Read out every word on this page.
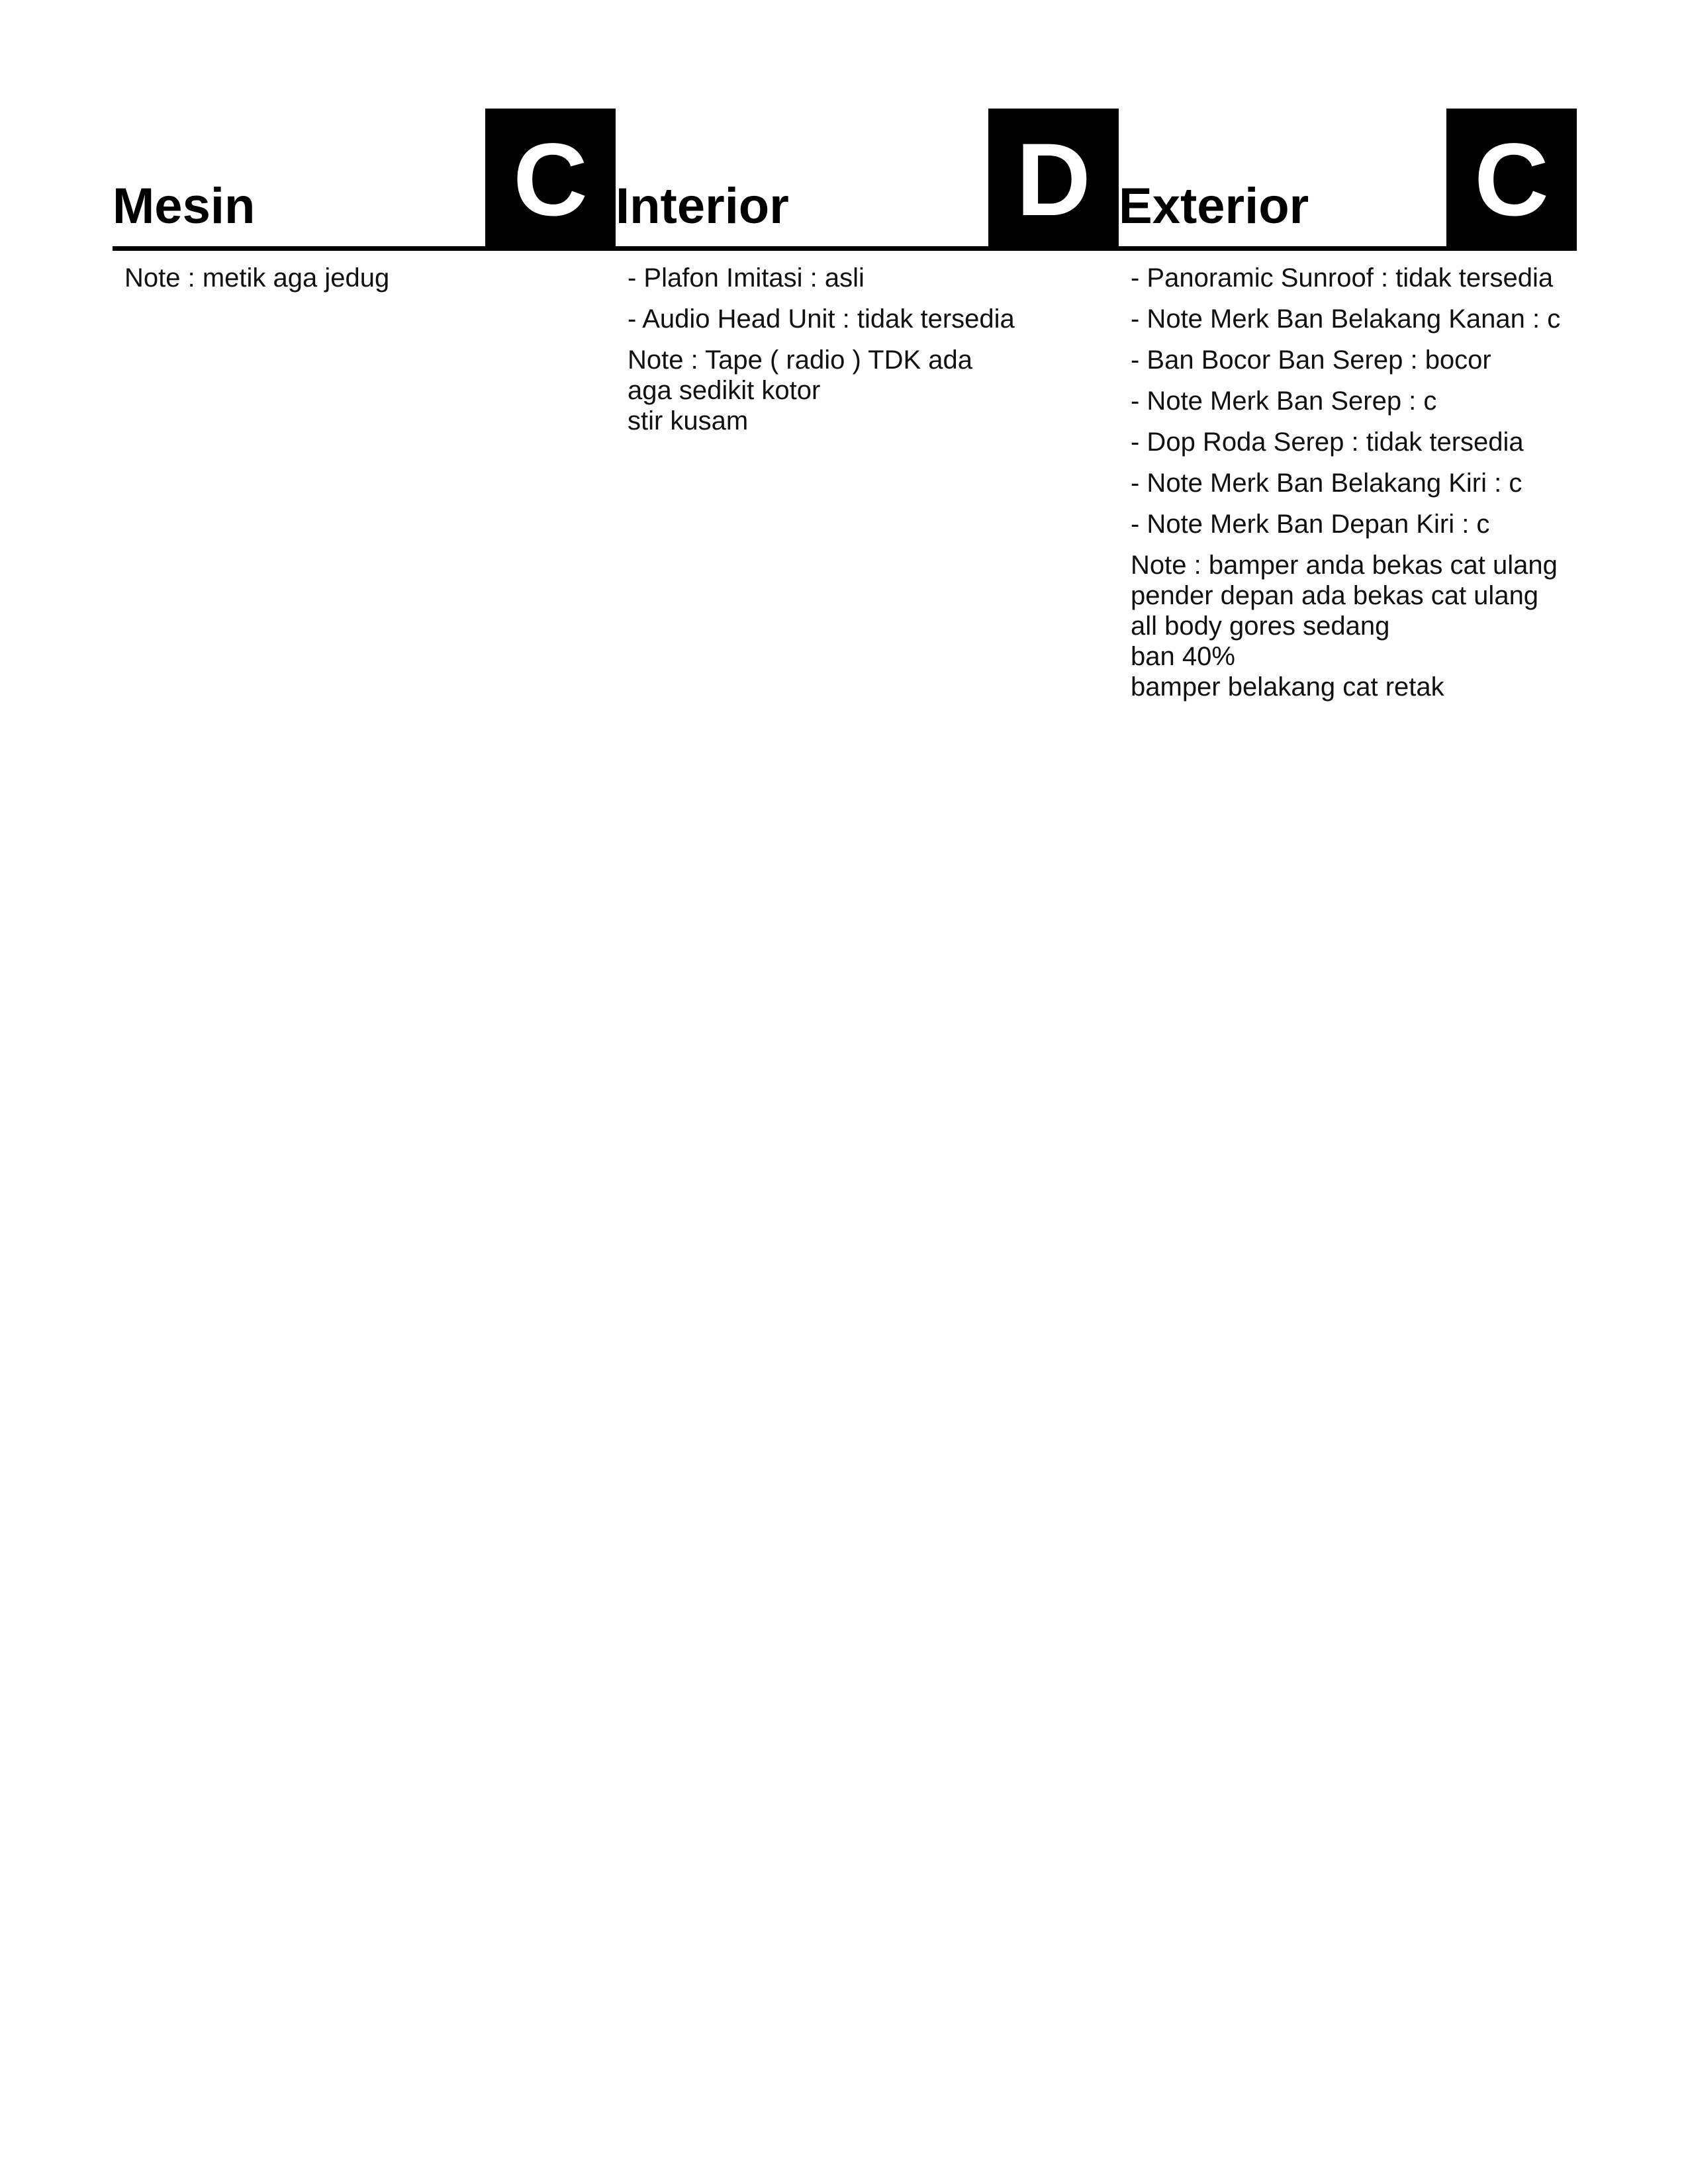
Mesin C
Note : metik aga jedug
Interior D
- Plafon Imitasi : asli
- Audio Head Unit : tidak tersedia
Note : Tape ( radio ) TDK ada
aga sedikit kotor
stir kusam
Exterior C
- Panoramic Sunroof : tidak tersedia
- Note Merk Ban Belakang Kanan : c
- Ban Bocor Ban Serep : bocor
- Note Merk Ban Serep : c
- Dop Roda Serep : tidak tersedia
- Note Merk Ban Belakang Kiri : c
- Note Merk Ban Depan Kiri : c
Note : bamper anda bekas cat ulang
pender depan ada bekas cat ulang
all body gores sedang
ban 40%
bamper belakang cat retak
